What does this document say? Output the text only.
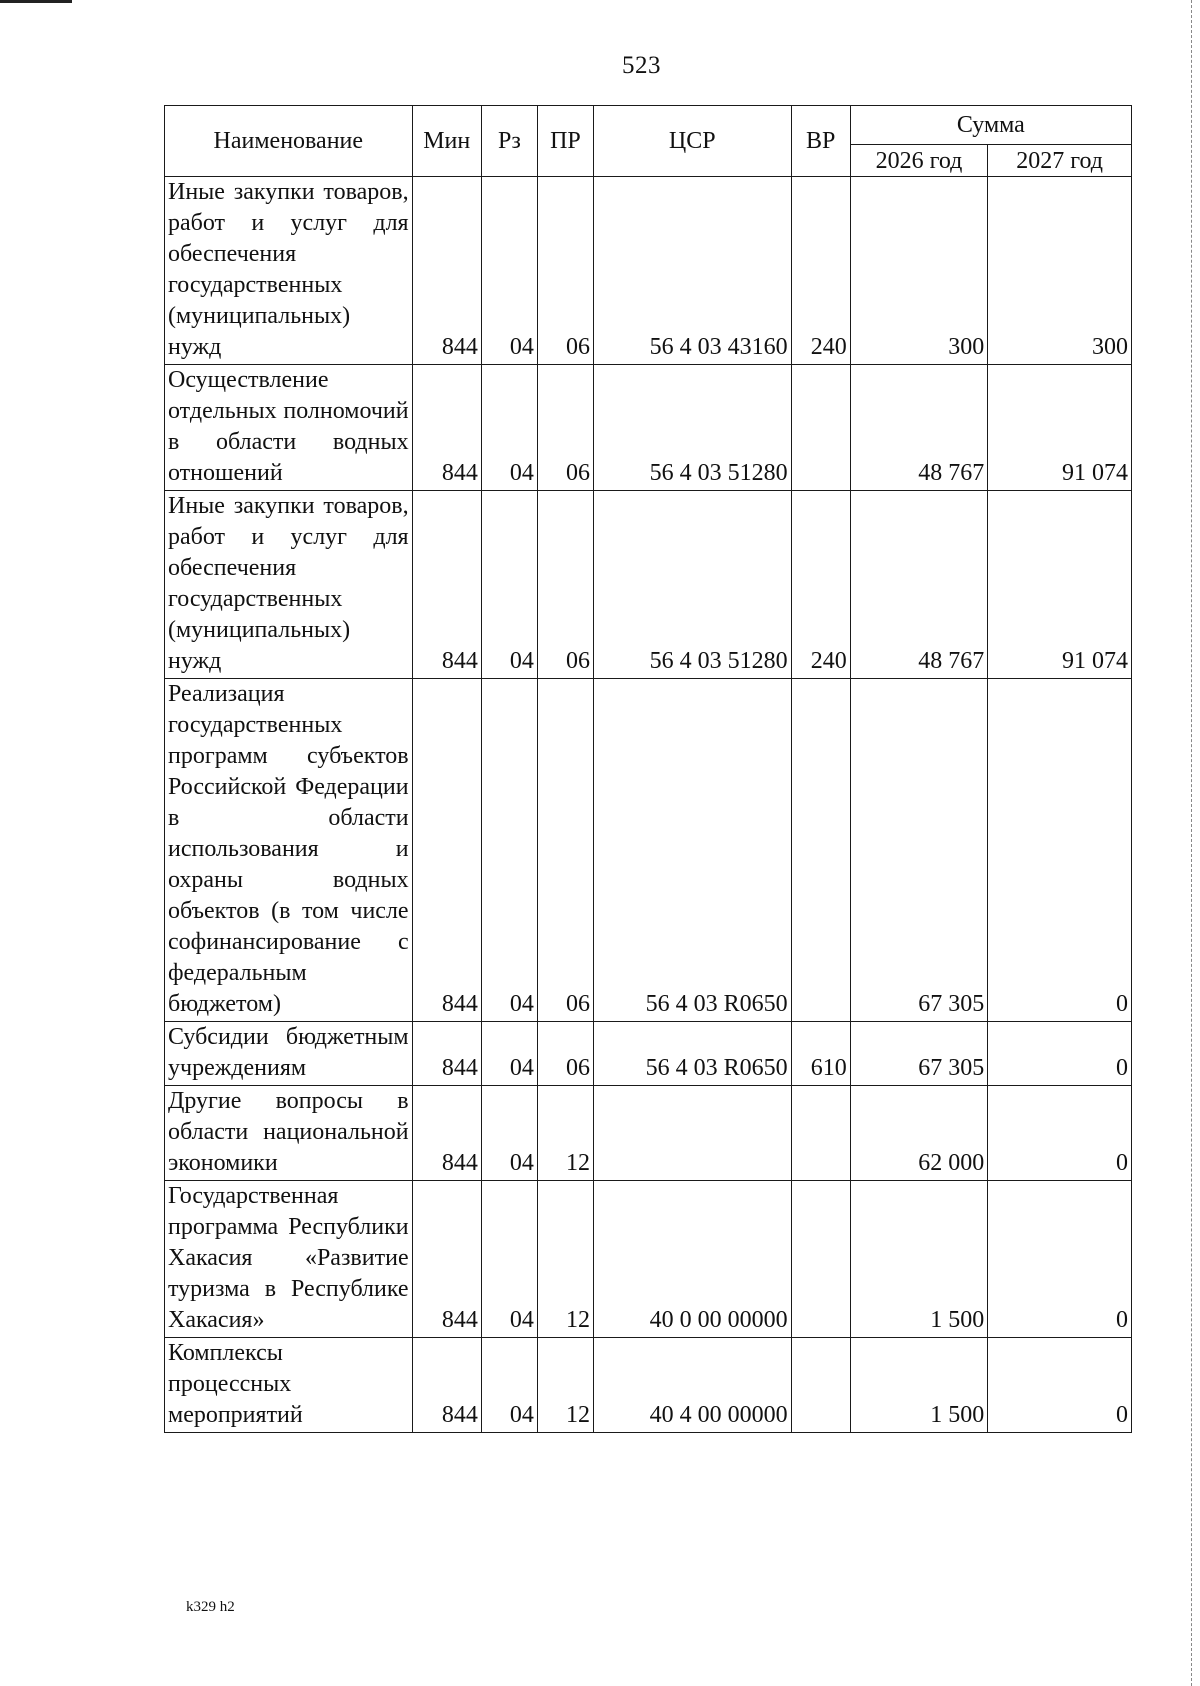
523
Наименование	Мин	Рз	ПР	ЦСР	ВР	Сумма	
						2026 год	2027 год
Иные закупки товаров, работ и услуг для обеспечения государственных (муниципальных) нужд	844	04	06	56 4 03 43160	240	300	300
Осуществление отдельных полномочий в области водных отношений	844	04	06	56 4 03 51280		48 767	91 074
Иные закупки товаров, работ и услуг для обеспечения государственных (муниципальных) нужд	844	04	06	56 4 03 51280	240	48 767	91 074
Реализация государственных программ субъектов Российской Федерации в области использования и охраны водных объектов (в том числе софинансирование с федеральным бюджетом)	844	04	06	56 4 03 R0650		67 305	0
Субсидии бюджетным учреждениям	844	04	06	56 4 03 R0650	610	67 305	0
Другие вопросы в области национальной экономики	844	04	12			62 000	0
Государственная программа Республики Хакасия «Развитие туризма в Республике Хакасия»	844	04	12	40 0 00 00000		1 500	0
Комплексы процессных мероприятий	844	04	12	40 4 00 00000		1 500	0
k329 h2
